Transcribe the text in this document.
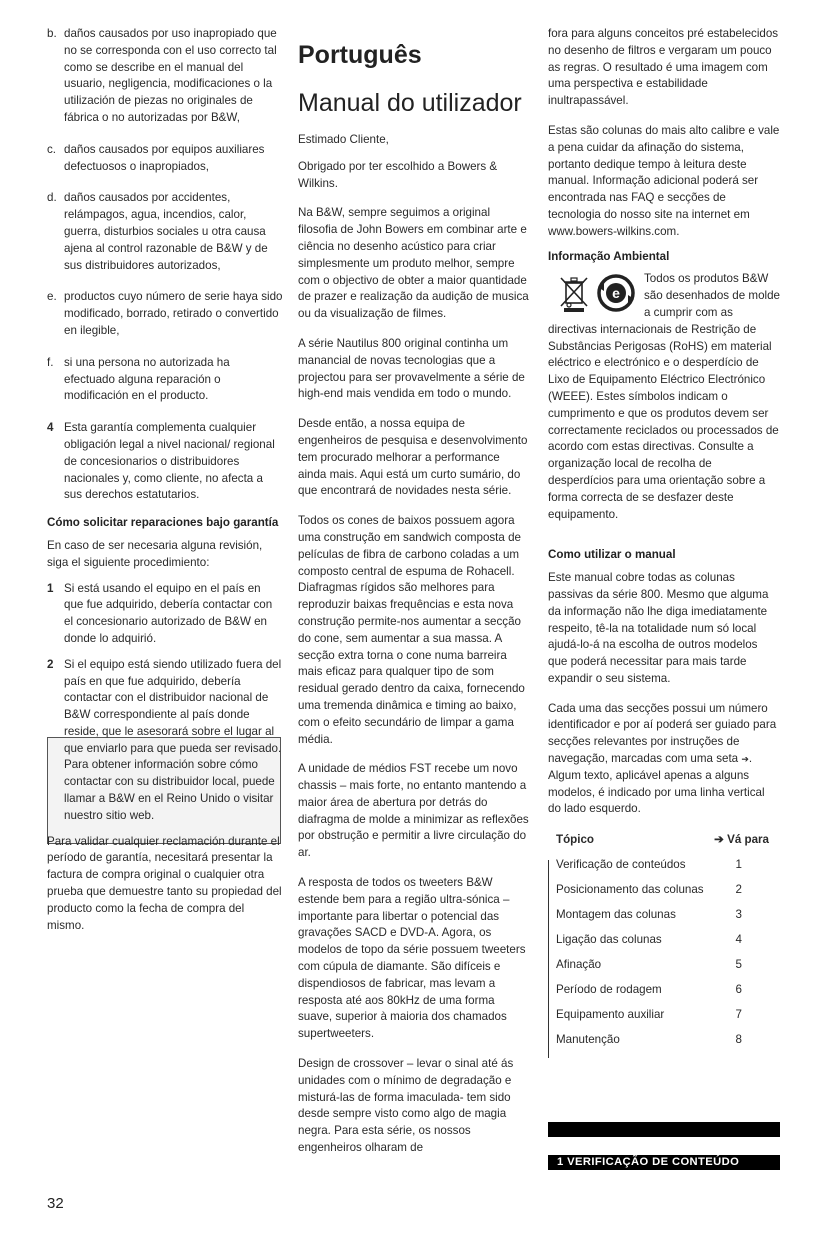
b. daños causados por uso inapropiado que no se corresponda con el uso correcto tal como se describe en el manual del usuario, negligencia, modificaciones o la utilización de piezas no originales de fábrica o no autorizadas por B&W,
c. daños causados por equipos auxiliares defectuosos o inapropiados,
d. daños causados por accidentes, relámpagos, agua, incendios, calor, guerra, disturbios sociales u otra causa ajena al control razonable de B&W y de sus distribuidores autorizados,
e. productos cuyo número de serie haya sido modificado, borrado, retirado o convertido en ilegible,
f. si una persona no autorizada ha efectuado alguna reparación o modificación en el producto.
4 Esta garantía complementa cualquier obligación legal a nivel nacional/ regional de concesionarios o distribuidores nacionales y, como cliente, no afecta a sus derechos estatutarios.
Cómo solicitar reparaciones bajo garantía

En caso de ser necesaria alguna revisión, siga el siguiente procedimiento:

1 Si está usando el equipo en el país en que fue adquirido, debería contactar con el concesionario autorizado de B&W en donde lo adquirió.
2 Si el equipo está siendo utilizado fuera del país en que fue adquirido, debería contactar con el distribuidor nacional de B&W correspondiente al país donde reside, que le asesorará sobre el lugar al que enviarlo para que pueda ser revisado. Para obtener información sobre cómo contactar con su distribuidor local, puede llamar a B&W en el Reino Unido o visitar nuestro sitio web.

Para validar cualquier reclamación durante el período de garantía, necesitará presentar la factura de compra original o cualquier otra prueba que demuestre tanto su propiedad del producto como la fecha de compra del mismo.

Português
Manual do utilizador

Estimado Cliente,

Obrigado por ter escolhido a Bowers & Wilkins.

Na B&W, sempre seguimos a original filosofia de John Bowers em combinar arte e ciência no desenho acústico para criar simplesmente um produto melhor, sempre com o objectivo de obter a maior quantidade de prazer e realização da audição de musica ou da visualização de filmes.

A série Nautilus 800 original continha um manancial de novas tecnologias que a projectou para ser provavelmente a série de high-end mais vendida em todo o mundo.

Desde então, a nossa equipa de engenheiros de pesquisa e desenvolvimento tem procurado melhorar a performance ainda mais. Aqui está um curto sumário, do que encontrará de novidades nesta série.

Todos os cones de baixos possuem agora uma construção em sandwich composta de películas de fibra de carbono coladas a um composto central de espuma de Rohacell. Diafragmas rígidos são melhores para reproduzir baixas frequências e esta nova construção permite-nos aumentar a secção do cone, sem aumentar a sua massa. A secção extra torna o cone numa barreira mais eficaz para qualquer tipo de som residual gerado dentro da caixa, fornecendo uma tremenda dinâmica e timing ao baixo, com o efeito secundário de limpar a gama média.

A unidade de médios FST recebe um novo chassis – mais forte, no entanto mantendo a maior área de abertura por detrás do diafragma de molde a minimizar as reflexões por obstrução e permitir a livre circulação do ar.

A resposta de todos os tweeters B&W estende bem para a região ultra-sónica – importante para libertar o potencial das gravações SACD e DVD-A. Agora, os modelos de topo da série possuem tweeters com cúpula de diamante. São difíceis e dispendiosos de fabricar, mas levam a resposta até aos 80kHz de uma forma suave, superior à maioria dos chamados supertweeters.

Design de crossover – levar o sinal até ás unidades com o mínimo de degradação e misturá-las de forma imaculada- tem sido desde sempre visto como algo de magia negra. Para esta série, os nossos engenheiros olharam de

fora para alguns conceitos pré estabelecidos no desenho de filtros e vergaram um pouco as regras. O resultado é uma imagem com uma perspectiva e estabilidade inultrapassável.

Estas são colunas do mais alto calibre e vale a pena cuidar da afinação do sistema, portanto dedique tempo à leitura deste manual. Informação adicional poderá ser encontrada nas FAQ e secções de tecnologia do nosso site na internet em www.bowers-wilkins.com.

Informação Ambiental
e

Todos os produtos B&W são desenhados de molde a cumprir com as directivas internacionais de Restrição de Substâncias Perigosas (RoHS) em material eléctrico e electrónico e o desperdício de Lixo de Equipamento Eléctrico Electrónico (WEEE). Estes símbolos indicam o cumprimento e que os produtos devem ser correctamente reciclados ou processados de acordo com estas directivas. Consulte a organização local de recolha de desperdícios para uma orientação sobre a forma correcta de se desfazer deste equipamento.

Como utilizar o manual

Este manual cobre todas as colunas passivas da série 800. Mesmo que alguma da informação não lhe diga imediatamente respeito, tê-la na totalidade num só local ajudá-lo-á na escolha de outros modelos que poderá necessitar para mais tarde expandir o seu sistema.

Cada uma das secções possui um número identificador e por aí poderá ser guiado para secções relevantes por instruções de navegação, marcadas com uma seta ➔. Algum texto, aplicável apenas a alguns modelos, é indicado por uma linha vertical do lado esquerdo.

Tópico	➔ Vá para
Verificação de conteúdos	1
Posicionamento das colunas	2
Montagem das colunas	3
Ligação das colunas	4
Afinação	5
Período de rodagem	6
Equipamento auxiliar	7
Manutenção	8
1 VERIFICAÇÃO DE CONTEÚDO
32
